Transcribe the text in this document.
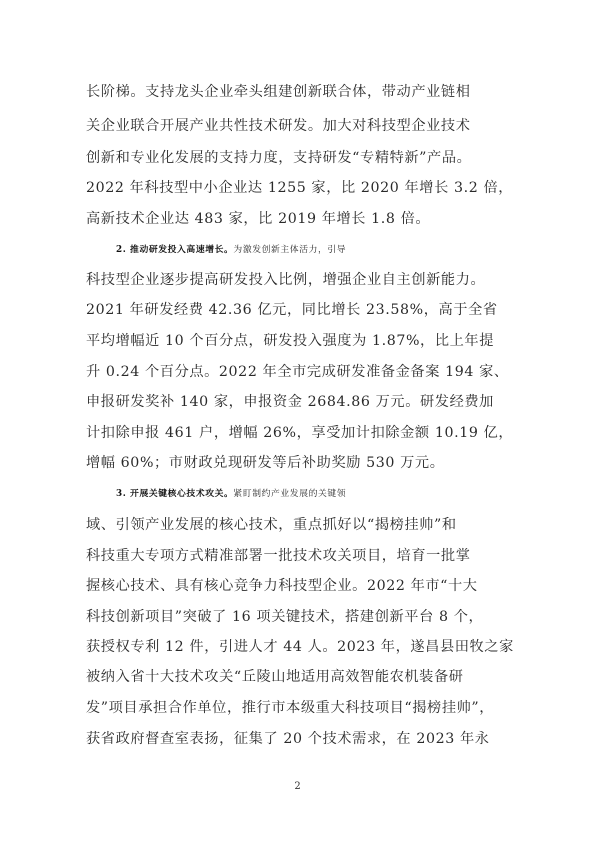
长阶梯。支持龙头企业牵头组建创新联合体，带动产业链相
关企业联合开展产业共性技术研发。加大对科技型企业技术
创新和专业化发展的支持力度，支持研发“专精特新”产品。
2022 年科技型中小企业达 1255 家，比 2020 年增长 3.2 倍，
高新技术企业达 483 家，比 2019 年增长 1.8 倍。
2. 推动研发投入高速增长。为激发创新主体活力，引导
科技型企业逐步提高研发投入比例，增强企业自主创新能力。
2021 年研发经费 42.36 亿元，同比增长 23.58%，高于全省
平均增幅近 10 个百分点，研发投入强度为 1.87%，比上年提
升 0.24 个百分点。2022 年全市完成研发准备金备案 194 家、
申报研发奖补 140 家，申报资金 2684.86 万元。研发经费加
计扣除申报 461 户，增幅 26%，享受加计扣除金额 10.19 亿，
增幅 60%；市财政兑现研发等后补助奖励 530 万元。
3. 开展关键核心技术攻关。紧盯制约产业发展的关键领
域、引领产业发展的核心技术，重点抓好以“揭榜挂帅”和
科技重大专项方式精准部署一批技术攻关项目，培育一批掌
握核心技术、具有核心竞争力科技型企业。2022 年市“十大
科技创新项目”突破了 16 项关键技术，搭建创新平台 8 个，
获授权专利 12 件，引进人才 44 人。2023 年，遂昌县田牧之家
被纳入省十大技术攻关“丘陵山地适用高效智能农机装备研
发”项目承担合作单位，推行市本级重大科技项目“揭榜挂帅”，
获省政府督查室表扬，征集了 20 个技术需求，在 2023 年永
2
